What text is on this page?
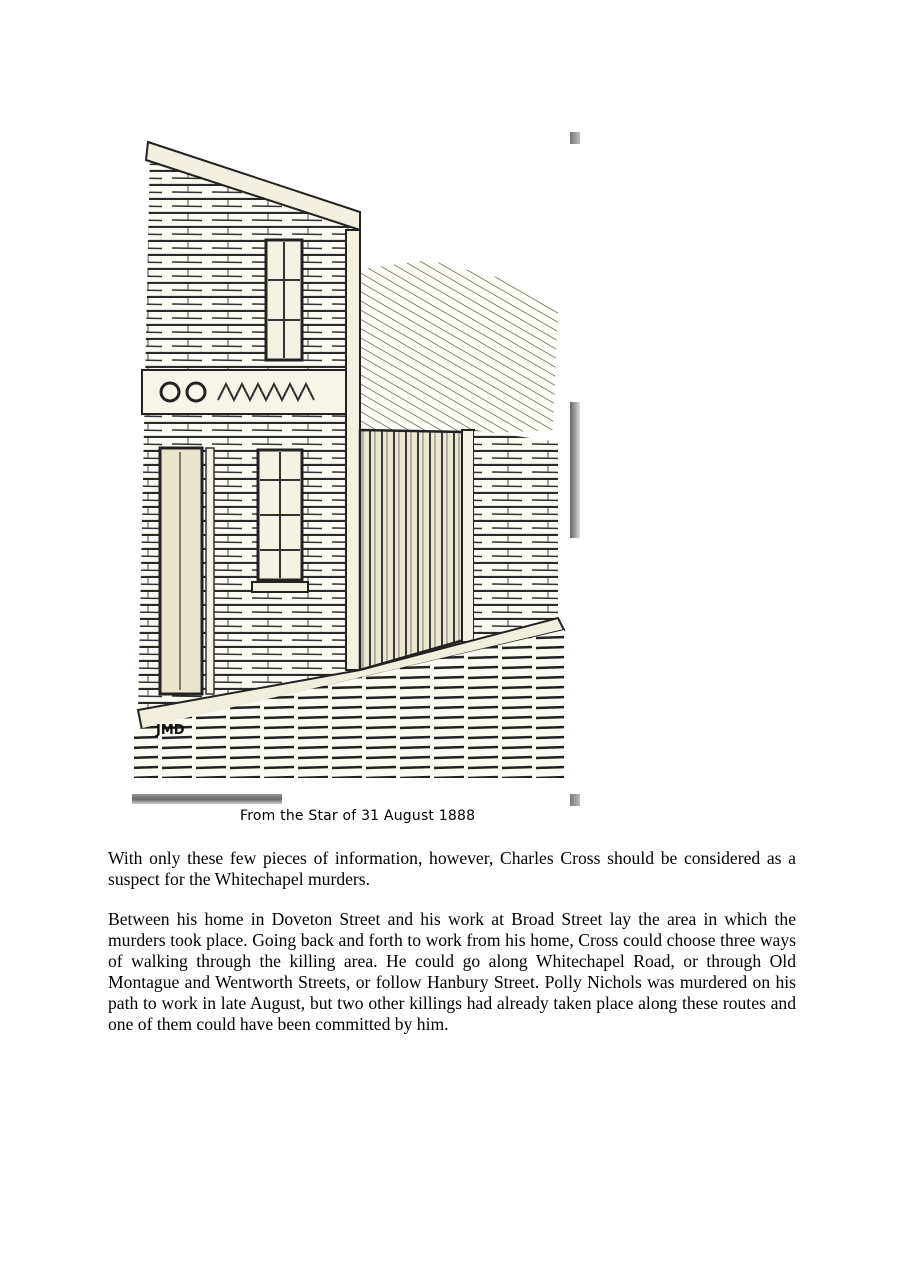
JMD
From the Star of 31 August 1888

With only these few pieces of information, however, Charles Cross should be considered as a suspect for the Whitechapel murders.

Between his home in Doveton Street and his work at Broad Street lay the area in which the murders took place. Going back and forth to work from his home, Cross could choose three ways of walking through the killing area. He could go along Whitechapel Road, or through Old Montague and Wentworth Streets, or follow Hanbury Street. Polly Nichols was murdered on his path to work in late August, but two other killings had already taken place along these routes and one of them could have been committed by him.
